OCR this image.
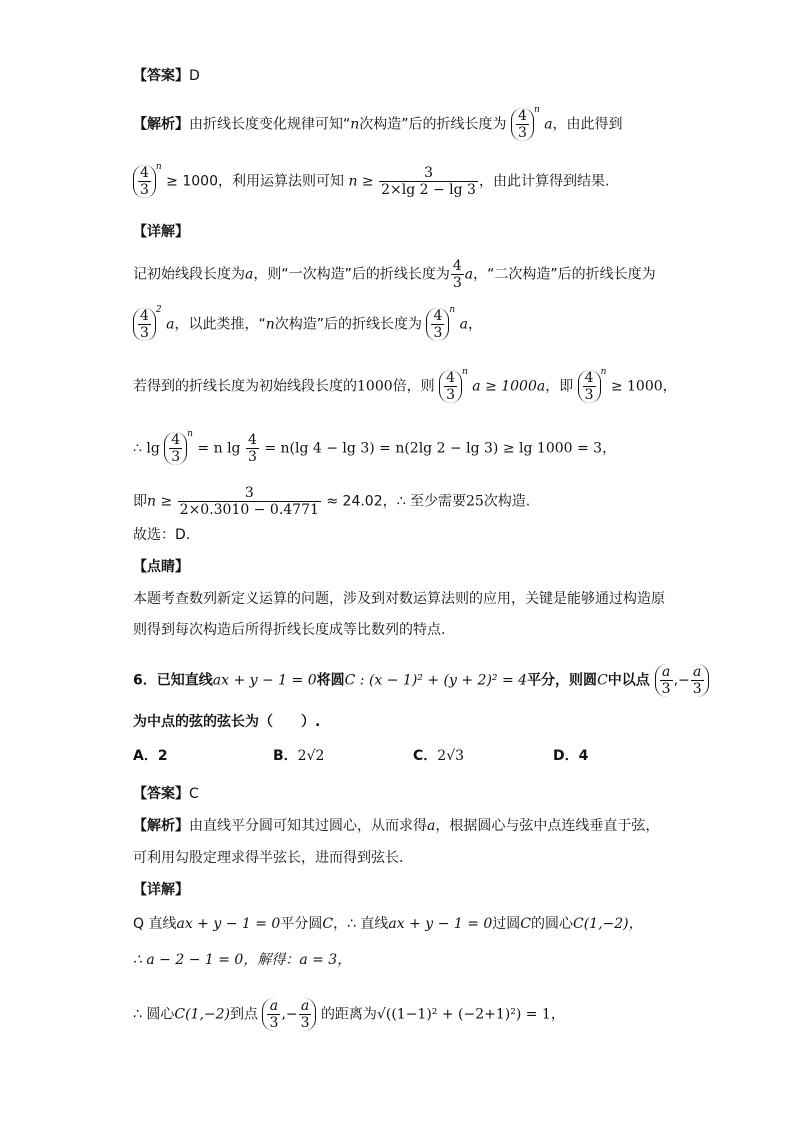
【答案】D
【解析】由折线长度变化规律可知“n次构造”后的折线长度为 $\frac{4}{3} ^n$ a，由此得到
$\frac{4}{3} ^n \ge 1000$，利用运算法则可知 $n \ge \frac{3}{2\times\lg 2 - \lg 3}$ ，由此计算得到结果.
【详解】
记初始线段长度为a，则“一次构造”后的折线长度为 $\frac{4}{3}$ a，“二次构造”后的折线长度为
$\frac{4}{3} ^2$ a，以此类推，“n次构造”后的折线长度为 $\frac{4}{3} ^n$ a，
若得到的折线长度为初始线段长度的1000倍，则 $\frac{4}{3} ^n$ a ≥ 1000a，即 $\frac{4}{3} ^n \ge 1000$，
∴ $\lg \frac{4}{3} ^n = n$ $\lg \frac{4}{3} = n(\lg$ 4 − lg 3) = n(2lg 2 − lg 3) ≥ lg 1000 = 3，
即$n \ge \frac{3}{2\times 0.3010 - 0.4771} \approx 24.02$，∴ 至少需要25次构造.
故选：D.
【点睛】
本题考查数列新定义运算的问题，涉及到对数运算法则的应用，关键是能够通过构造原
则得到每次构造后所得折线长度成等比数列的特点.
6．已知直线ax + y − 1 = 0将圆C : (x − 1)² + (y + 2)² = 4平分，则圆C中以点 $\frac{a}{3}$ ,− $\frac{a}{3}$
为中点的弦的弦长为（　　）.
A．2	B．2√2	C．2√3	D．4
【答案】C
【解析】由直线平分圆可知其过圆心，从而求得a，根据圆心与弦中点连线垂直于弦，
可利用勾股定理求得半弦长，进而得到弦长.
【详解】
Q 直线ax + y − 1 = 0平分圆C，∴ 直线ax + y − 1 = 0过圆C的圆心C(1,−2)，
∴ a − 2 − 1 = 0，解得：a = 3，
∴ 圆心C(1,−2)到点 $\frac{a}{3}$ ,− $\frac{a}{3}$ 的距离为√((1−1)² + (−2+1)²) = 1，
